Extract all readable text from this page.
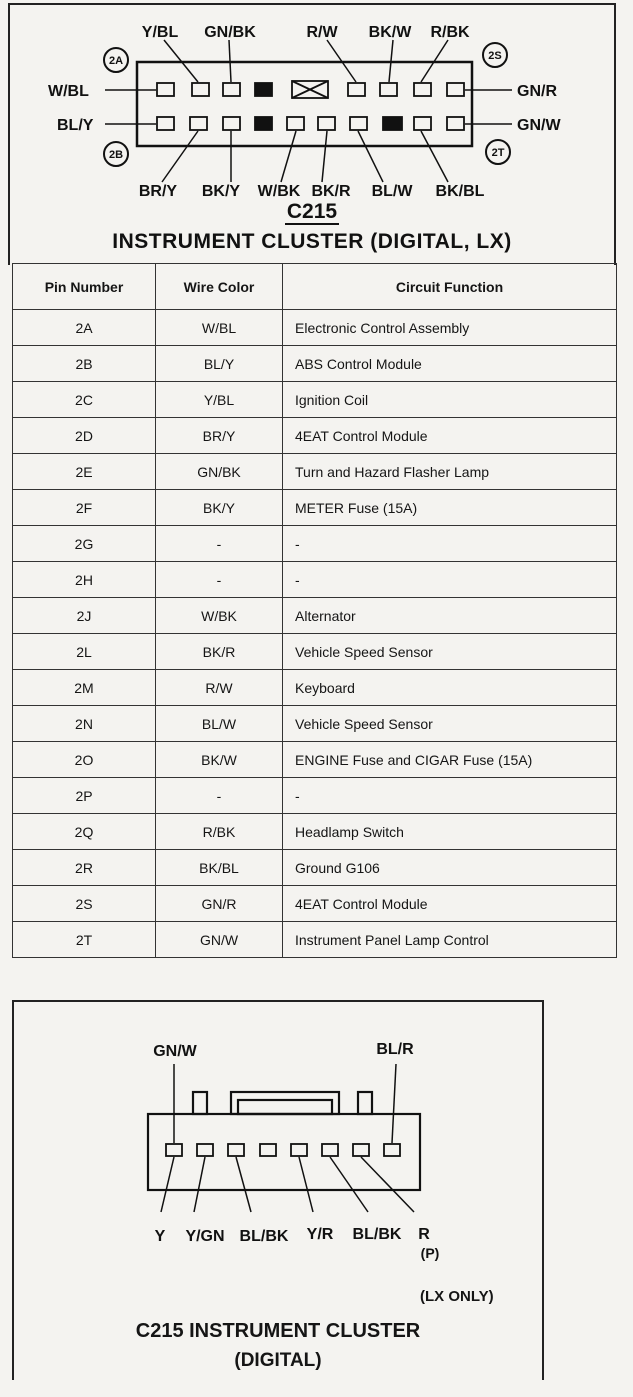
2A	2S
2B	2T
Y/BL GN/BK	R/W BK/W R/BK
W/BL
BL/Y
GN/R
GN/W
BR/Y BK/Y W/BK BK/R BL/W BK/BL
C215
INSTRUMENT CLUSTER (DIGITAL, LX)
Pin Number	Wire Color	Circuit Function
2A	W/BL	Electronic Control Assembly
2B	BL/Y	ABS Control Module
2C	Y/BL	Ignition Coil
2D	BR/Y	4EAT Control Module
2E	GN/BK	Turn and Hazard Flasher Lamp
2F	BK/Y	METER Fuse (15A)
2G	-	-
2H	-	-
2J	W/BK	Alternator
2L	BK/R	Vehicle Speed Sensor
2M	R/W	Keyboard
2N	BL/W	Vehicle Speed Sensor
2O	BK/W	ENGINE Fuse and CIGAR Fuse (15A)
2P	-	-
2Q	R/BK	Headlamp Switch
2R	BK/BL	Ground G106
2S	GN/R	4EAT Control Module
2T	GN/W	Instrument Panel Lamp Control
GN/W	BL/R
Y Y/GN BL/BK Y/R BL/BK R
(P)
(LX ONLY)
C215 INSTRUMENT CLUSTER
(DIGITAL)
